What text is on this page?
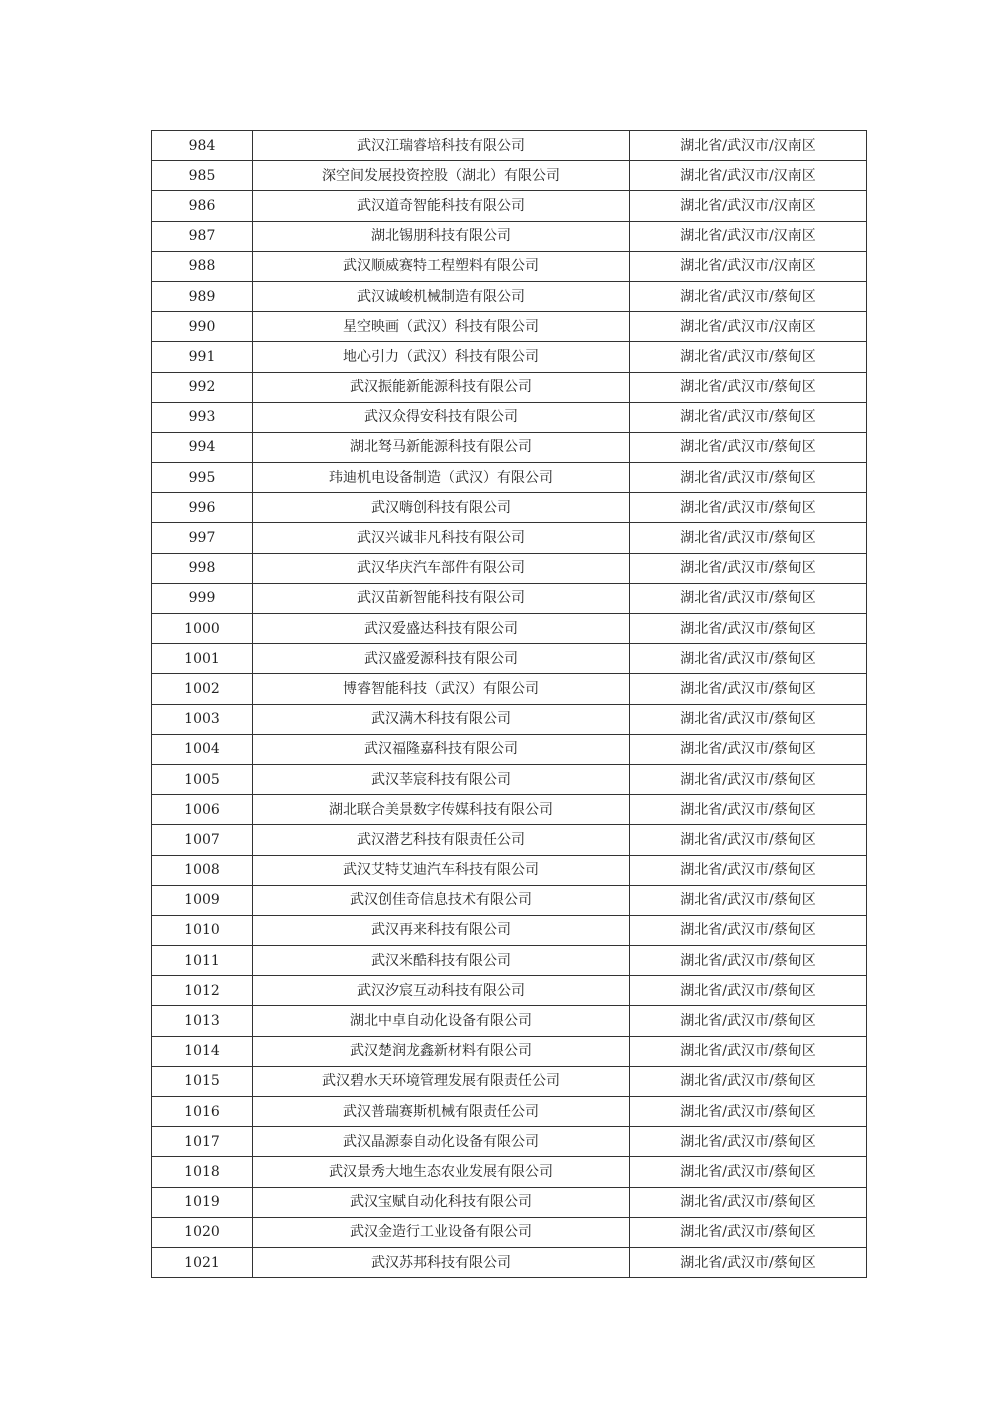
984	武汉江瑞睿培科技有限公司	湖北省/武汉市/汉南区
985	深空间发展投资控股（湖北）有限公司	湖北省/武汉市/汉南区
986	武汉道奇智能科技有限公司	湖北省/武汉市/汉南区
987	湖北锡朋科技有限公司	湖北省/武汉市/汉南区
988	武汉顺威赛特工程塑料有限公司	湖北省/武汉市/汉南区
989	武汉诚峻机械制造有限公司	湖北省/武汉市/蔡甸区
990	星空映画（武汉）科技有限公司	湖北省/武汉市/汉南区
991	地心引力（武汉）科技有限公司	湖北省/武汉市/蔡甸区
992	武汉振能新能源科技有限公司	湖北省/武汉市/蔡甸区
993	武汉众得安科技有限公司	湖北省/武汉市/蔡甸区
994	湖北驽马新能源科技有限公司	湖北省/武汉市/蔡甸区
995	玮迪机电设备制造（武汉）有限公司	湖北省/武汉市/蔡甸区
996	武汉嗨创科技有限公司	湖北省/武汉市/蔡甸区
997	武汉兴诚非凡科技有限公司	湖北省/武汉市/蔡甸区
998	武汉华庆汽车部件有限公司	湖北省/武汉市/蔡甸区
999	武汉苗新智能科技有限公司	湖北省/武汉市/蔡甸区
1000	武汉爱盛达科技有限公司	湖北省/武汉市/蔡甸区
1001	武汉盛爱源科技有限公司	湖北省/武汉市/蔡甸区
1002	博睿智能科技（武汉）有限公司	湖北省/武汉市/蔡甸区
1003	武汉满木科技有限公司	湖北省/武汉市/蔡甸区
1004	武汉福隆嘉科技有限公司	湖北省/武汉市/蔡甸区
1005	武汉莘宸科技有限公司	湖北省/武汉市/蔡甸区
1006	湖北联合美景数字传媒科技有限公司	湖北省/武汉市/蔡甸区
1007	武汉潜艺科技有限责任公司	湖北省/武汉市/蔡甸区
1008	武汉艾特艾迪汽车科技有限公司	湖北省/武汉市/蔡甸区
1009	武汉创佳奇信息技术有限公司	湖北省/武汉市/蔡甸区
1010	武汉再来科技有限公司	湖北省/武汉市/蔡甸区
1011	武汉米酷科技有限公司	湖北省/武汉市/蔡甸区
1012	武汉汐宸互动科技有限公司	湖北省/武汉市/蔡甸区
1013	湖北中卓自动化设备有限公司	湖北省/武汉市/蔡甸区
1014	武汉楚润龙鑫新材料有限公司	湖北省/武汉市/蔡甸区
1015	武汉碧水天环境管理发展有限责任公司	湖北省/武汉市/蔡甸区
1016	武汉普瑞赛斯机械有限责任公司	湖北省/武汉市/蔡甸区
1017	武汉晶源泰自动化设备有限公司	湖北省/武汉市/蔡甸区
1018	武汉景秀大地生态农业发展有限公司	湖北省/武汉市/蔡甸区
1019	武汉宝赋自动化科技有限公司	湖北省/武汉市/蔡甸区
1020	武汉金造行工业设备有限公司	湖北省/武汉市/蔡甸区
1021	武汉苏邦科技有限公司	湖北省/武汉市/蔡甸区
